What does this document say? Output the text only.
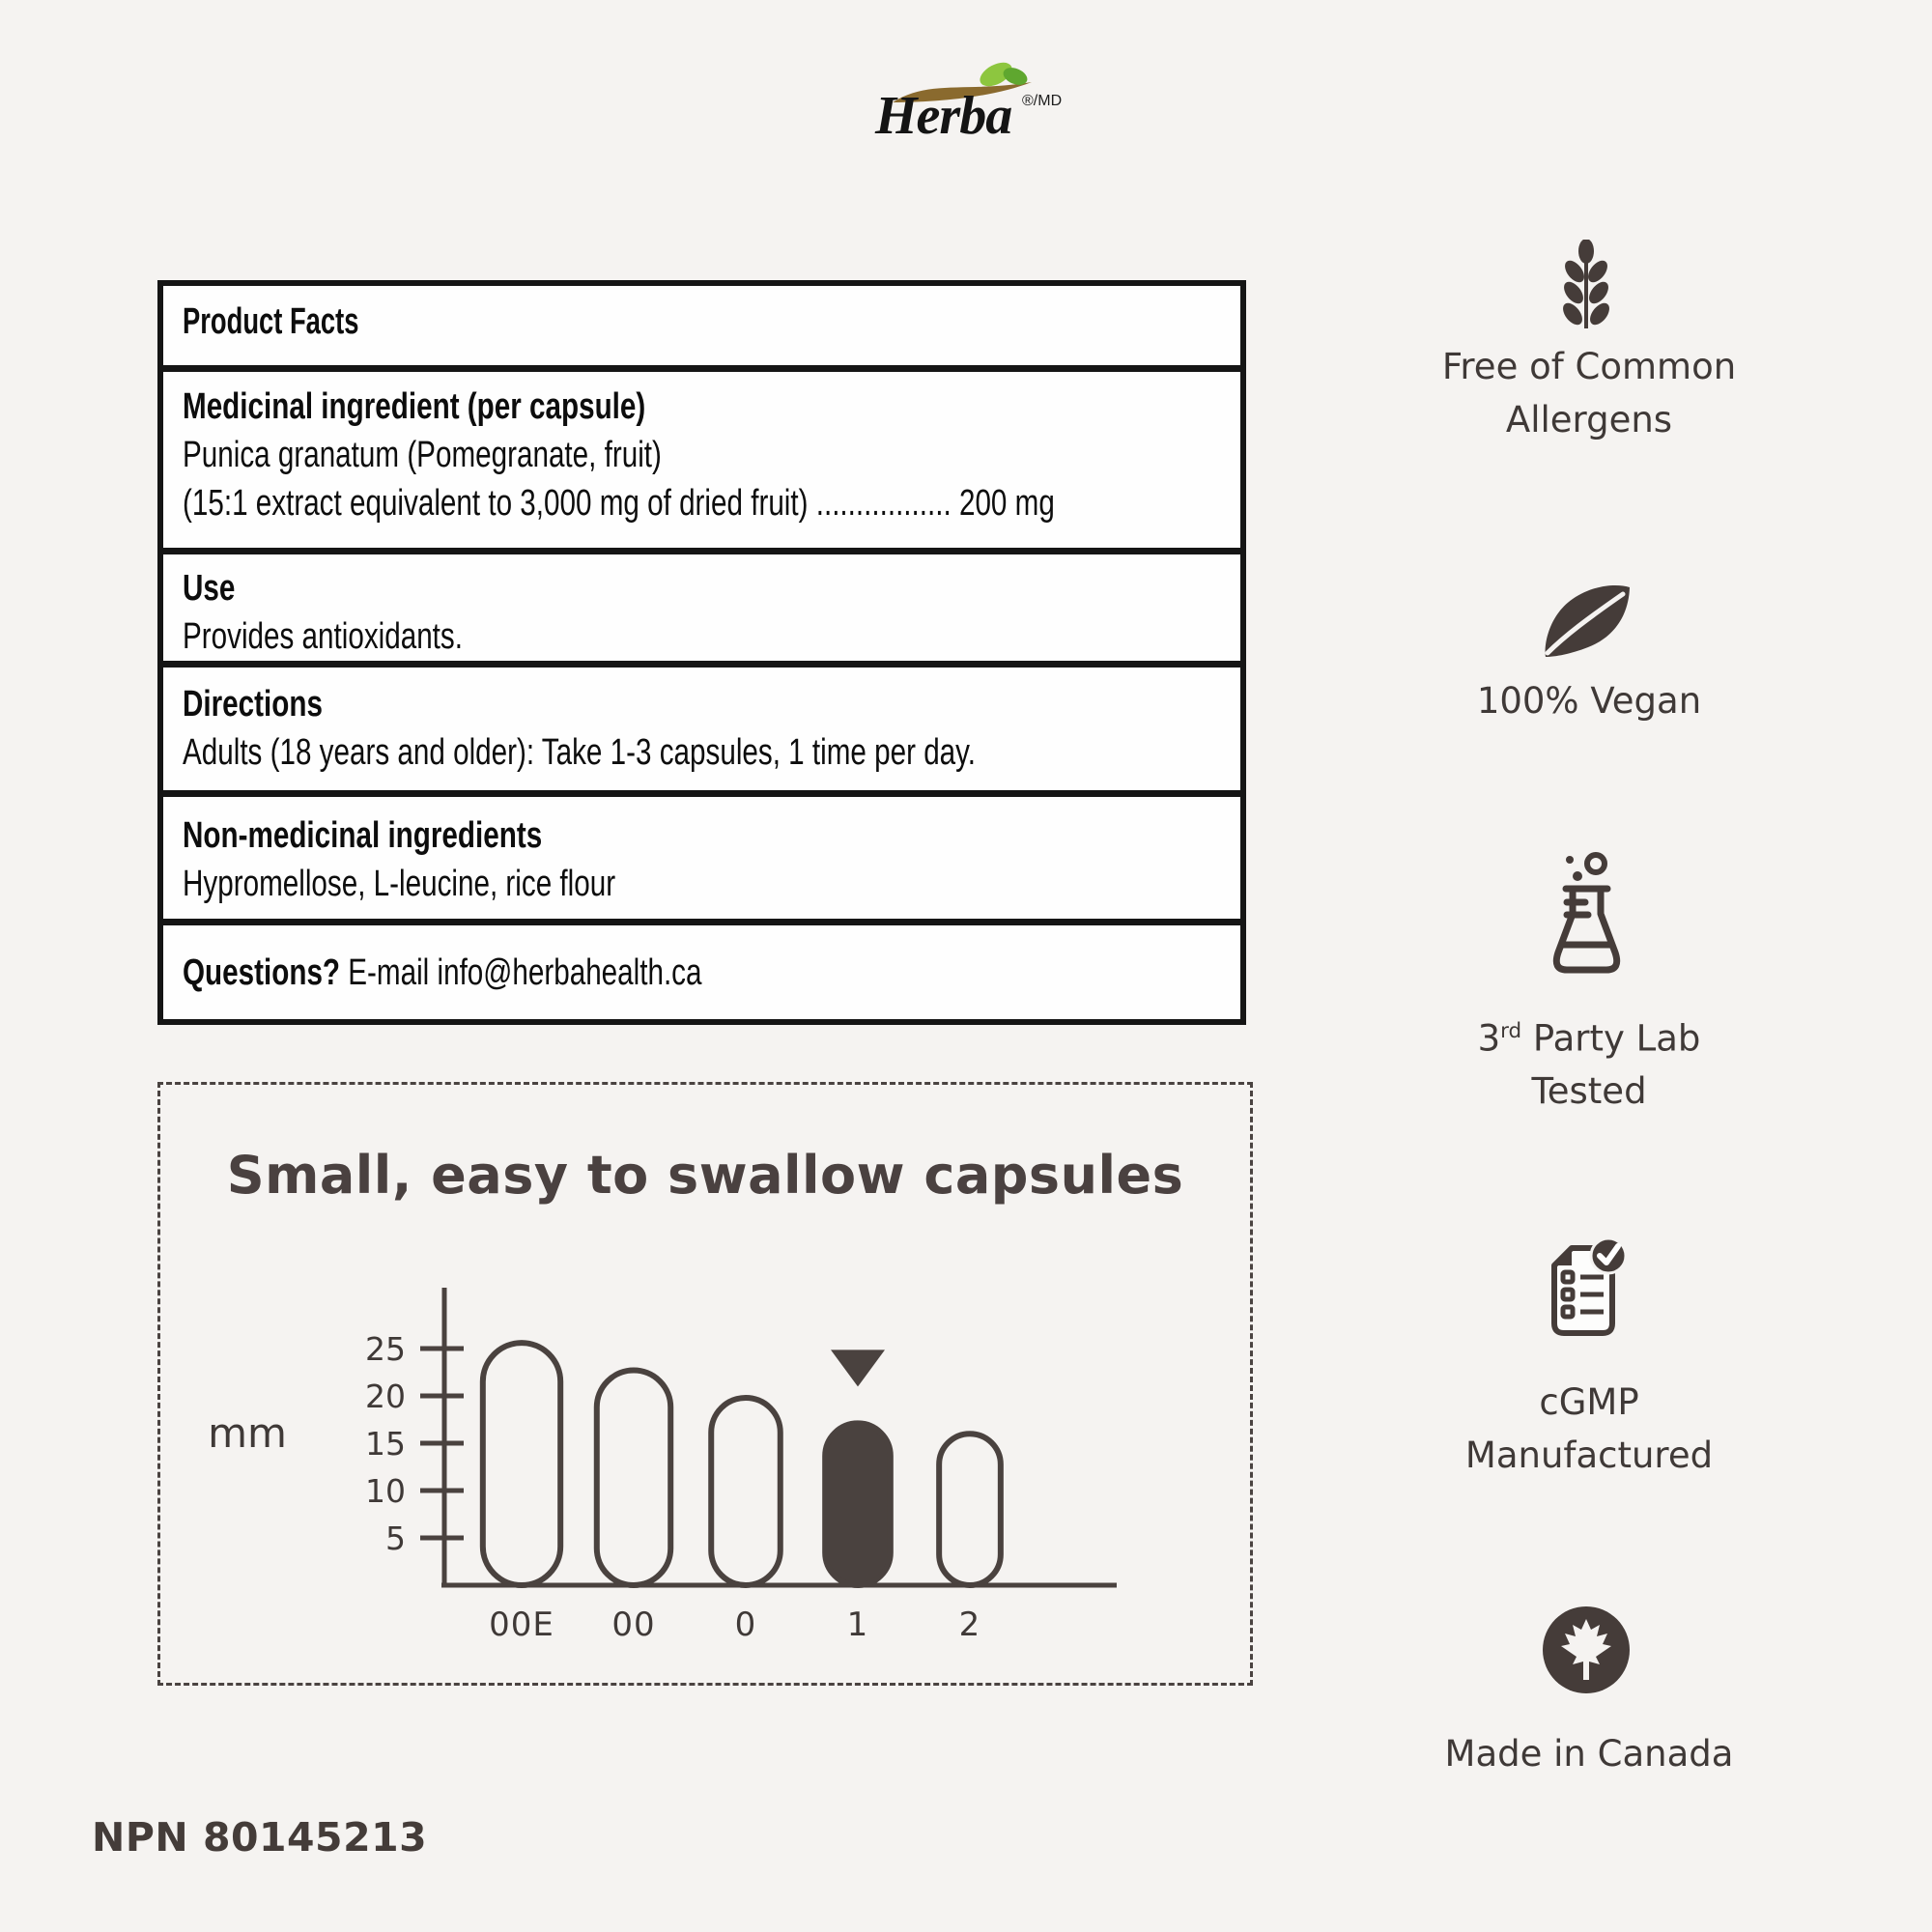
Herba ®/MD
Product Facts
Medicinal ingredient (per capsule)
Punica granatum (Pomegranate, fruit)
(15:1 extract equivalent to 3,000 mg of dried fruit) ................. 200 mg
Use
Provides antioxidants.
Directions
Adults (18 years and older): Take 1-3 capsules, 1 time per day.
Non-medicinal ingredients
Hypromellose, L-leucine, rice flour
Questions? E-mail info@herbahealth.ca
Small, easy to swallow capsules
mm
5
10
15
20
25
00E 00 0	1	2
Free of Common
Allergens
100% Vegan
3rd Party Lab
Tested
cGMP
Manufactured
Made in Canada
NPN 80145213
